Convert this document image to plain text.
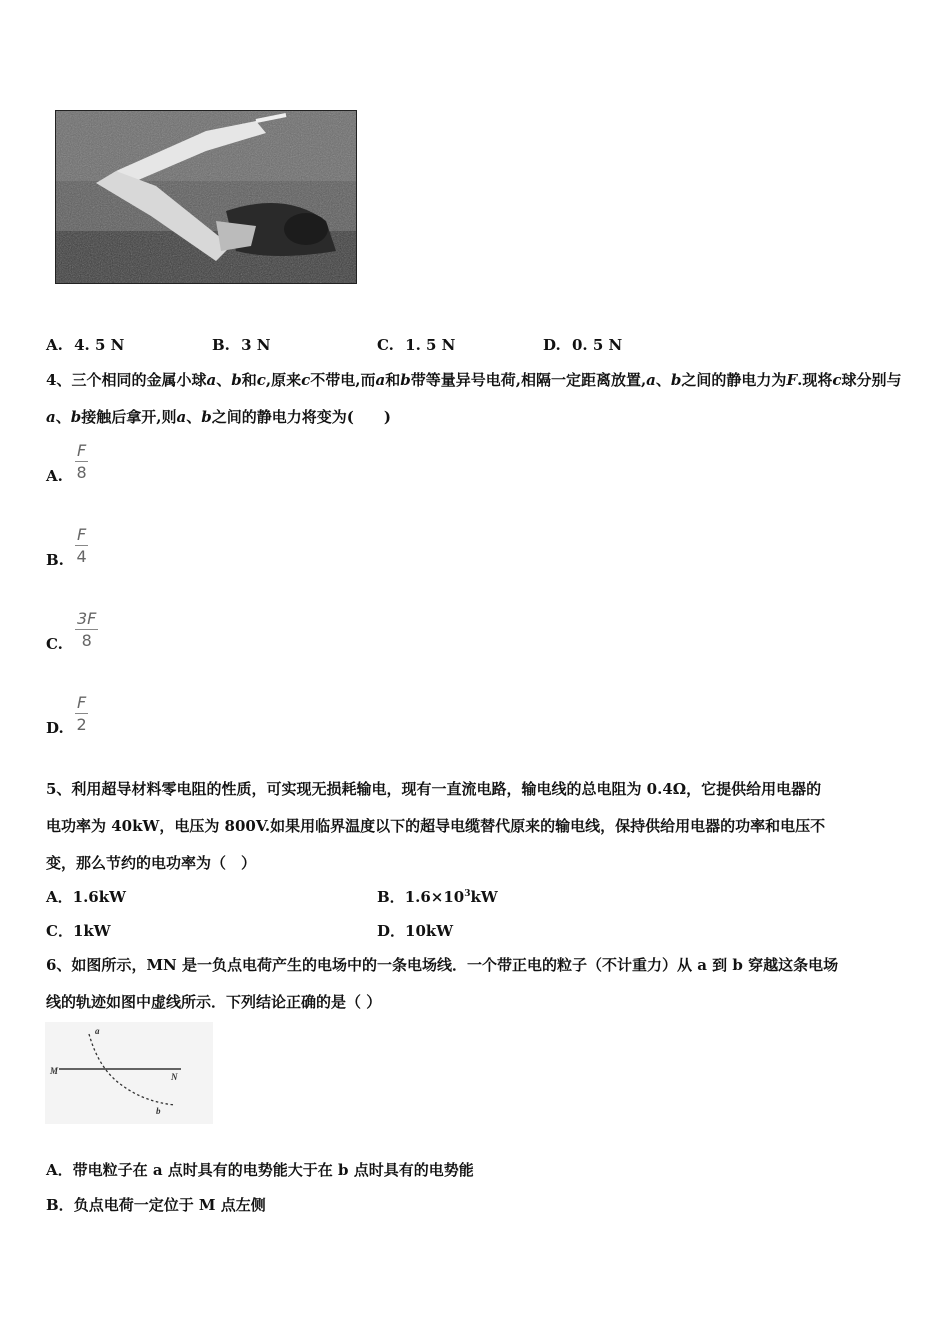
A. 4. 5 N	B. 3 N	C. 1. 5 N	D. 0. 5 N
4、三个相同的金属小球a、b和c,原来c不带电,而a和b带等量异号电荷,相隔一定距离放置,a、b之间的静电力为F.现将c球分别与a、b接触后拿开,则a、b之间的静电力将变为(　　)
A. $\frac{F}{8}$
B. $\frac{F}{4}$
C. $\frac{3F}{8}$
D. $\frac{F}{2}$
5、利用超导材料零电阻的性质，可实现无损耗输电，现有一直流电路，输电线的总电阻为 0.4Ω，它提供给用电器的
电功率为 40kW，电压为 800V.如果用临界温度以下的超导电缆替代原来的输电线，保持供给用电器的功率和电压不
变，那么节约的电功率为（　）
A．1.6kW	B．$1.6\times 10^3kW$
C．1kW	D．10kW
6、如图所示，MN 是一负点电荷产生的电场中的一条电场线．一个带正电的粒子（不计重力）从 a 到 b 穿越这条电场
线的轨迹如图中虚线所示．下列结论正确的是（ ）
a
M
N
b
A．带电粒子在 a 点时具有的电势能大于在 b 点时具有的电势能
B．负点电荷一定位于 M 点左侧
